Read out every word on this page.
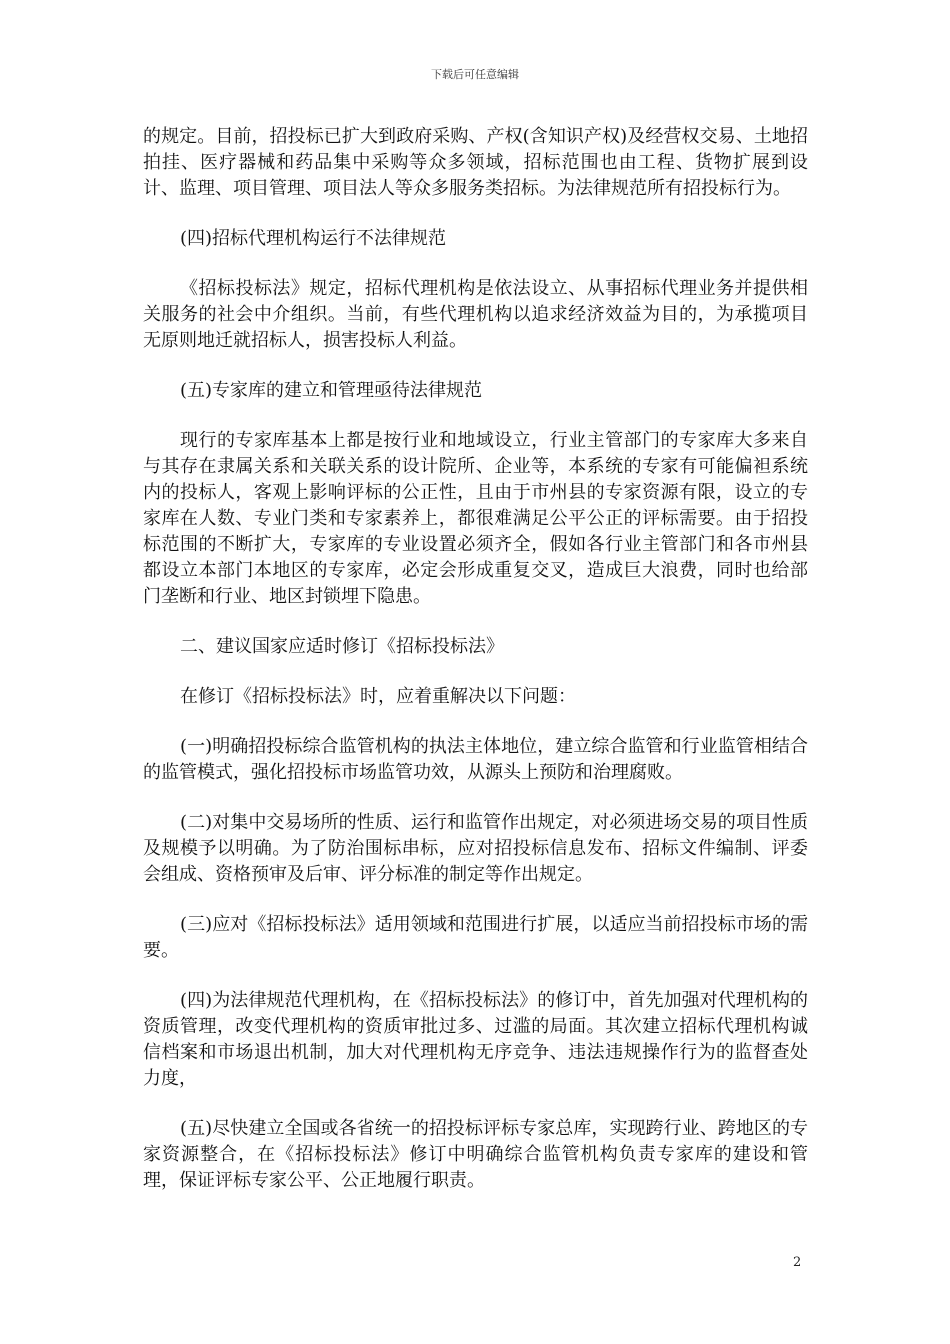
下载后可任意编辑

的规定。目前，招投标已扩大到政府采购、产权(含知识产权)及经营权交易、土地招拍挂、医疗器械和药品集中采购等众多领域，招标范围也由工程、货物扩展到设计、监理、项目管理、项目法人等众多服务类招标。为法律规范所有招投标行为。

(四)招标代理机构运行不法律规范

《招标投标法》规定，招标代理机构是依法设立、从事招标代理业务并提供相关服务的社会中介组织。当前，有些代理机构以追求经济效益为目的，为承揽项目无原则地迁就招标人，损害投标人利益。

(五)专家库的建立和管理亟待法律规范

现行的专家库基本上都是按行业和地域设立，行业主管部门的专家库大多来自与其存在隶属关系和关联关系的设计院所、企业等，本系统的专家有可能偏袒系统内的投标人，客观上影响评标的公正性，且由于市州县的专家资源有限，设立的专家库在人数、专业门类和专家素养上，都很难满足公平公正的评标需要。由于招投标范围的不断扩大，专家库的专业设置必须齐全，假如各行业主管部门和各市州县都设立本部门本地区的专家库，必定会形成重复交叉，造成巨大浪费，同时也给部门垄断和行业、地区封锁埋下隐患。

二、建议国家应适时修订《招标投标法》

在修订《招标投标法》时，应着重解决以下问题：

(一)明确招投标综合监管机构的执法主体地位，建立综合监管和行业监管相结合的监管模式，强化招投标市场监管功效，从源头上预防和治理腐败。

(二)对集中交易场所的性质、运行和监管作出规定，对必须进场交易的项目性质及规模予以明确。为了防治围标串标，应对招投标信息发布、招标文件编制、评委会组成、资格预审及后审、评分标准的制定等作出规定。

(三)应对《招标投标法》适用领域和范围进行扩展，以适应当前招投标市场的需要。

(四)为法律规范代理机构，在《招标投标法》的修订中，首先加强对代理机构的资质管理，改变代理机构的资质审批过多、过滥的局面。其次建立招标代理机构诚信档案和市场退出机制，加大对代理机构无序竞争、违法违规操作行为的监督查处力度，

(五)尽快建立全国或各省统一的招投标评标专家总库，实现跨行业、跨地区的专家资源整合，在《招标投标法》修订中明确综合监管机构负责专家库的建设和管理，保证评标专家公平、公正地履行职责。

2
